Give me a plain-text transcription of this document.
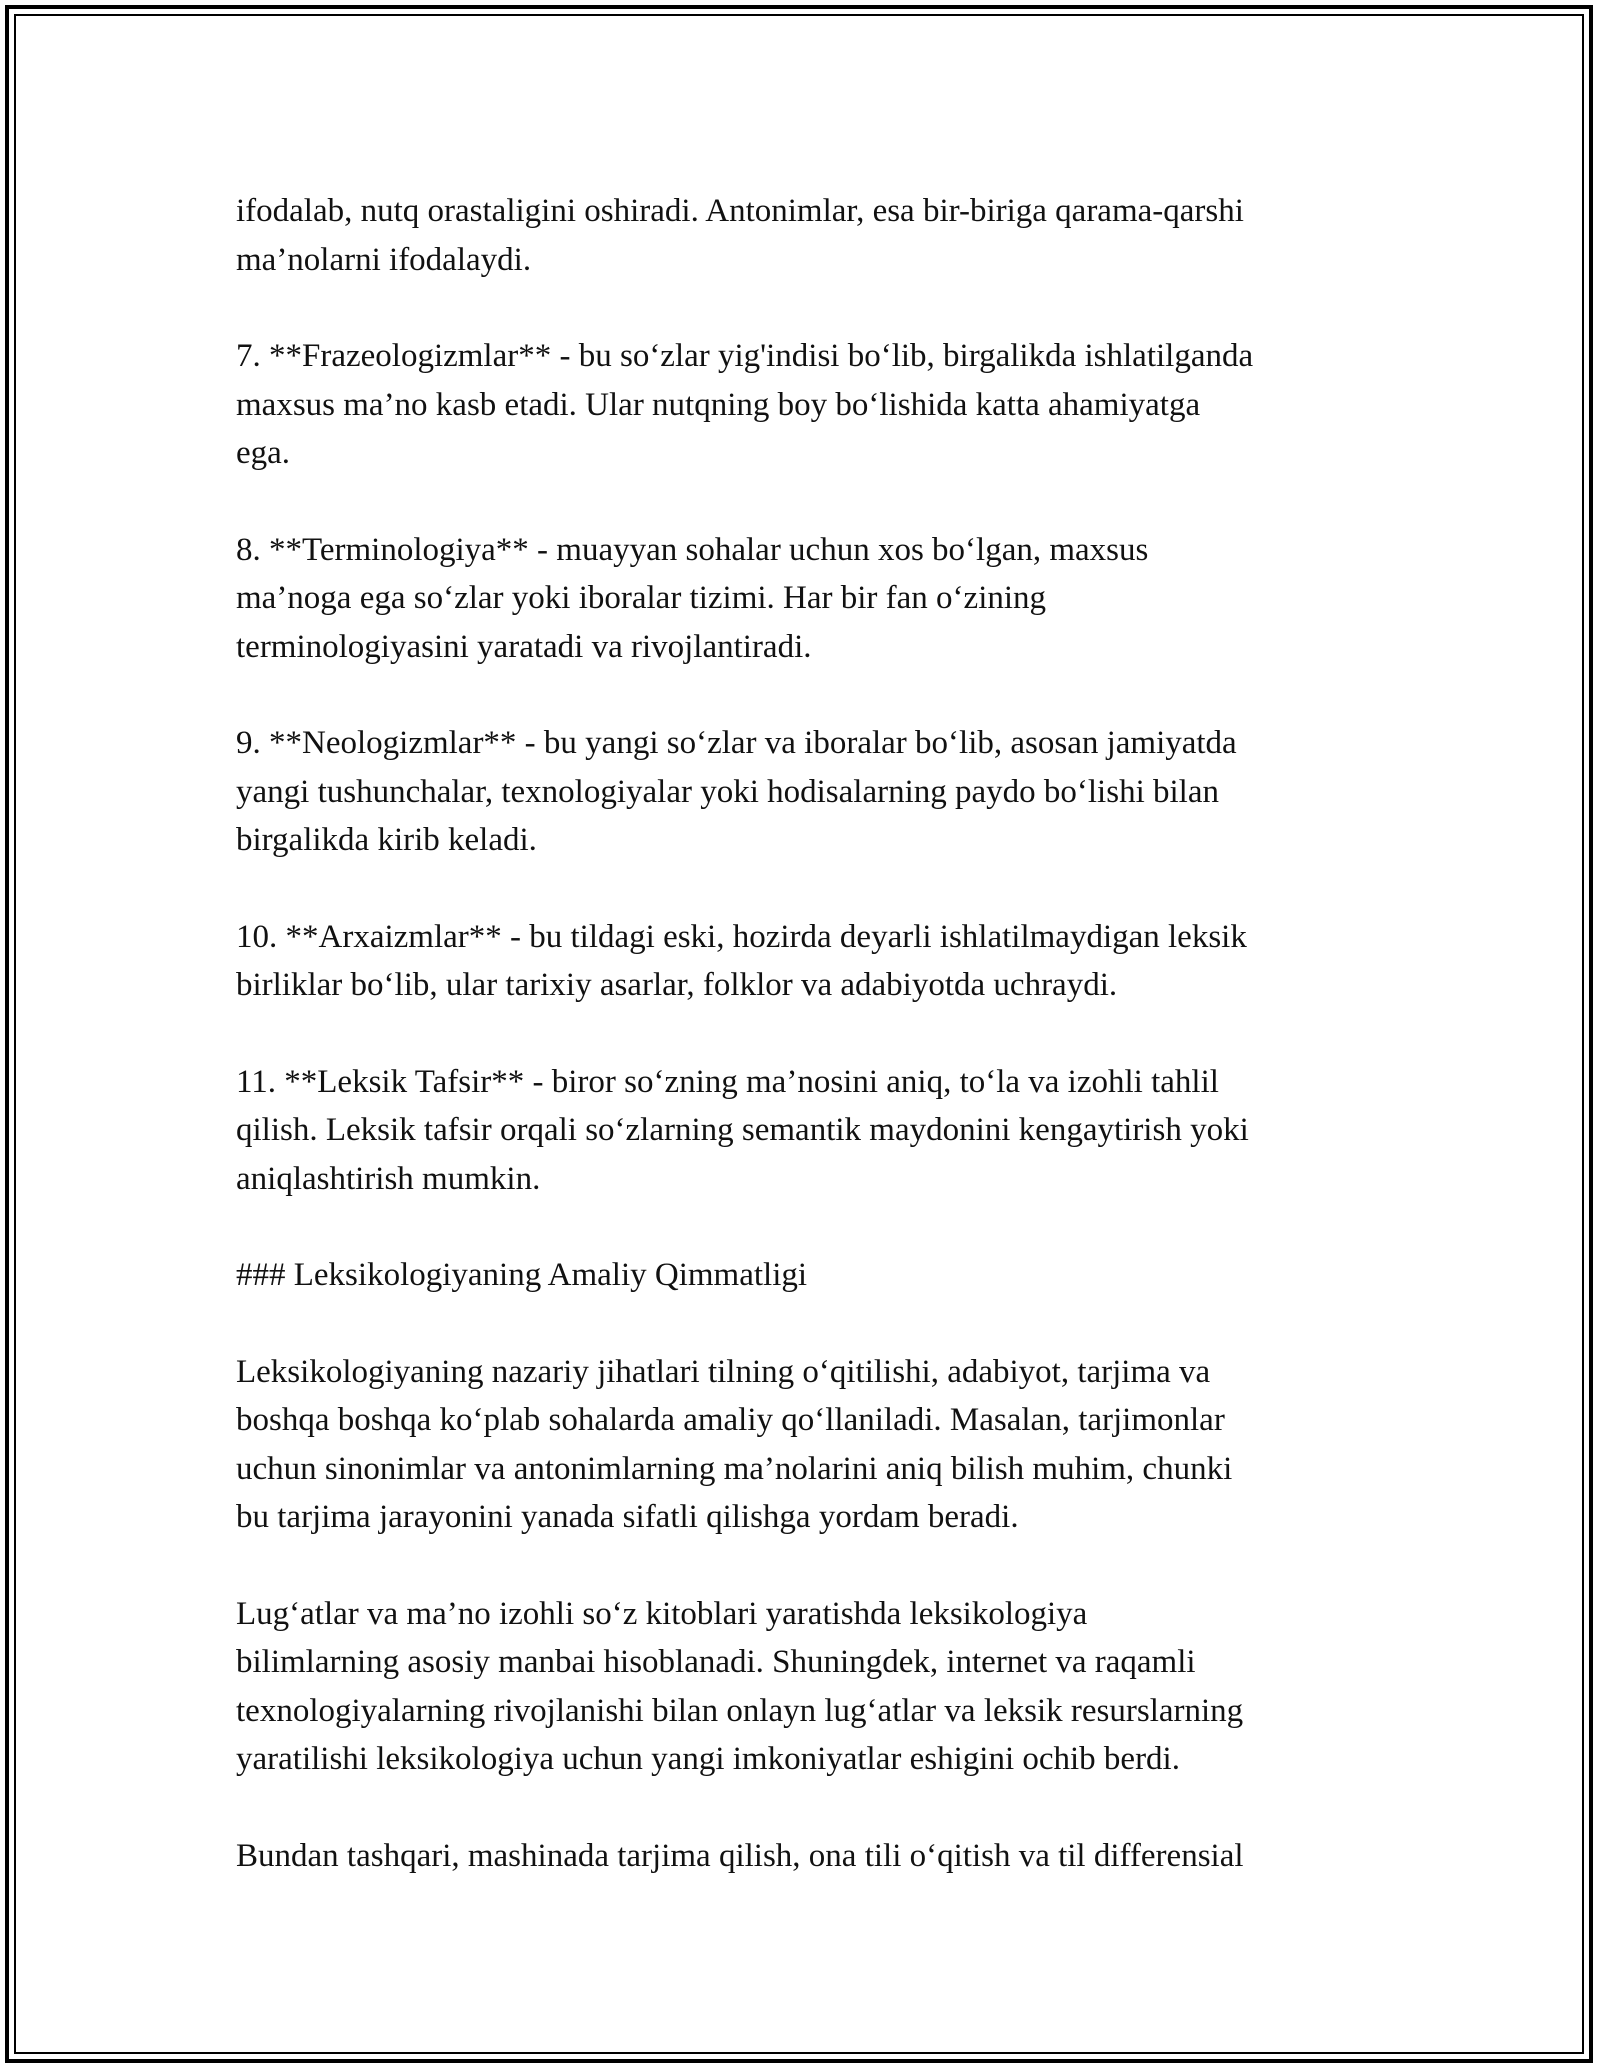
ifodalab, nutq orastaligini oshiradi. Antonimlar, esa bir-biriga qarama-qarshi
ma’nolarni ifodalaydi.

7. **Frazeologizmlar** - bu so‘zlar yig'indisi bo‘lib, birgalikda ishlatilganda
maxsus ma’no kasb etadi. Ular nutqning boy bo‘lishida katta ahamiyatga
ega.

8. **Terminologiya** - muayyan sohalar uchun xos bo‘lgan, maxsus
ma’noga ega so‘zlar yoki iboralar tizimi. Har bir fan o‘zining
terminologiyasini yaratadi va rivojlantiradi.

9. **Neologizmlar** - bu yangi so‘zlar va iboralar bo‘lib, asosan jamiyatda
yangi tushunchalar, texnologiyalar yoki hodisalarning paydo bo‘lishi bilan
birgalikda kirib keladi.

10. **Arxaizmlar** - bu tildagi eski, hozirda deyarli ishlatilmaydigan leksik
birliklar bo‘lib, ular tarixiy asarlar, folklor va adabiyotda uchraydi.

11. **Leksik Tafsir** - biror so‘zning ma’nosini aniq, to‘la va izohli tahlil
qilish. Leksik tafsir orqali so‘zlarning semantik maydonini kengaytirish yoki
aniqlashtirish mumkin.

### Leksikologiyaning Amaliy Qimmatligi

Leksikologiyaning nazariy jihatlari tilning o‘qitilishi, adabiyot, tarjima va
boshqa boshqa ko‘plab sohalarda amaliy qo‘llaniladi. Masalan, tarjimonlar
uchun sinonimlar va antonimlarning ma’nolarini aniq bilish muhim, chunki
bu tarjima jarayonini yanada sifatli qilishga yordam beradi.

Lug‘atlar va ma’no izohli so‘z kitoblari yaratishda leksikologiya
bilimlarning asosiy manbai hisoblanadi. Shuningdek, internet va raqamli
texnologiyalarning rivojlanishi bilan onlayn lug‘atlar va leksik resurslarning
yaratilishi leksikologiya uchun yangi imkoniyatlar eshigini ochib berdi.

Bundan tashqari, mashinada tarjima qilish, ona tili o‘qitish va til differensial
